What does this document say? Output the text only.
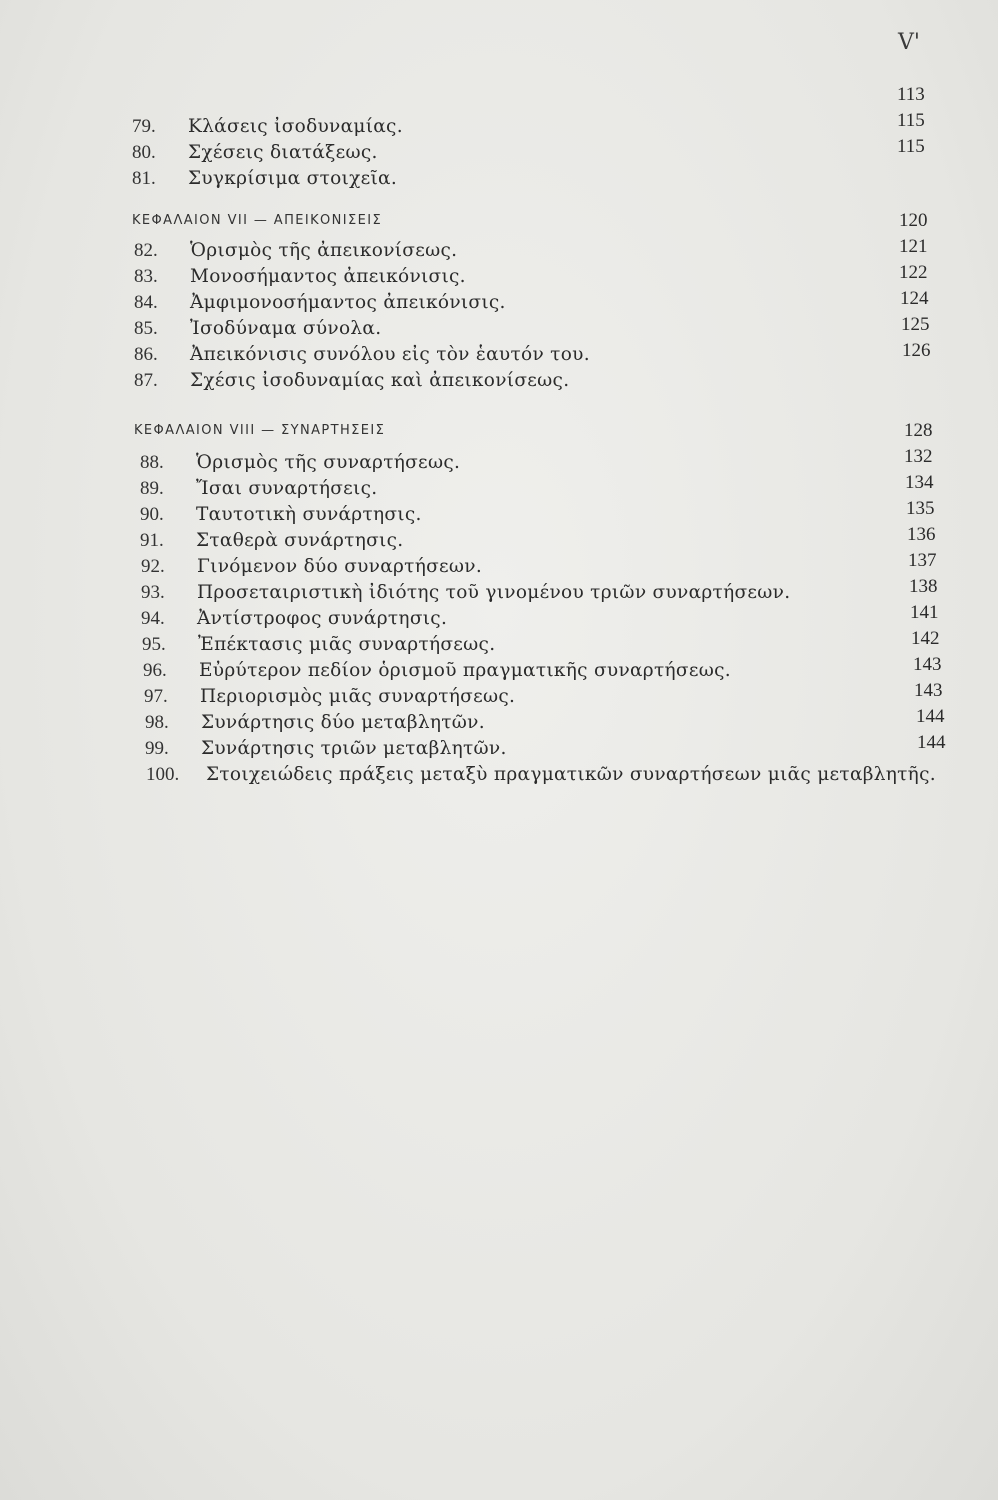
V'
113
79.	Κλάσεις ἰσοδυναμίας.	115
80.	Σχέσεις διατάξεως.	115
81.	Συγκρίσιμα στοιχεῖα.
ΚΕΦΑΛΑΙΟΝ VII — ΑΠΕΙΚΟΝΙΣΕΙΣ	120
82.	Ὁρισμὸς τῆς ἀπεικονίσεως.	121
83.	Μονοσήμαντος ἀπεικόνισις.	122
84.	Ἀμφιμονοσήμαντος ἀπεικόνισις.	124
85.	Ἰσοδύναμα σύνολα.	125
86.	Ἀπεικόνισις συνόλου εἰς τὸν ἑαυτόν του.	126
87.	Σχέσις ἰσοδυναμίας καὶ ἀπεικονίσεως.
ΚΕΦΑΛΑΙΟΝ VIII — ΣΥΝΑΡΤΗΣΕΙΣ	128
88.	Ὁρισμὸς τῆς συναρτήσεως.	132
89.	Ἴσαι συναρτήσεις.	134
90.	Ταυτοτικὴ συνάρτησις.	135
91.	Σταθερὰ συνάρτησις.	136
92.	Γινόμενον δύο συναρτήσεων.	137
93.	Προσεταιριστικὴ ἰδιότης τοῦ γινομένου τριῶν συναρτήσεων.	138
94.	Ἀντίστροφος συνάρτησις.	141
95.	Ἐπέκτασις μιᾶς συναρτήσεως.	142
96.	Εὐρύτερον πεδίον ὁρισμοῦ πραγματικῆς συναρτήσεως.	143
97.	Περιορισμὸς μιᾶς συναρτήσεως.	143
98.	Συνάρτησις δύο μεταβλητῶν.	144
99.	Συνάρτησις τριῶν μεταβλητῶν.	144
100.	Στοιχειώδεις πράξεις μεταξὺ πραγματικῶν συναρτήσεων μιᾶς μεταβλητῆς.
